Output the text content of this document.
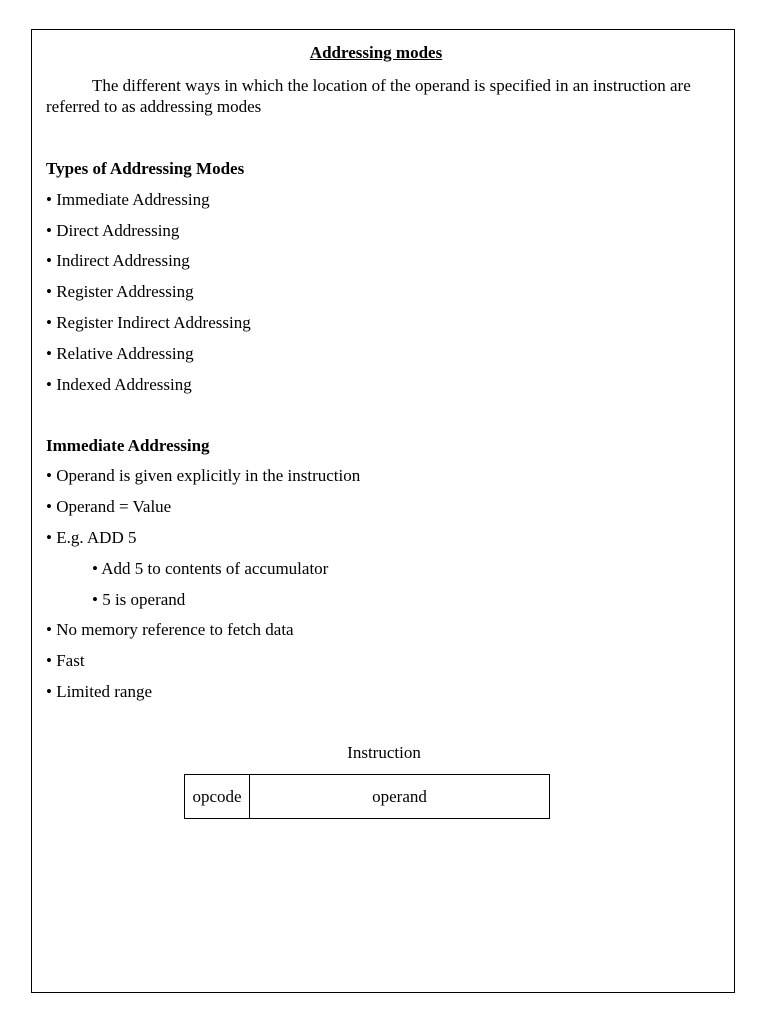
Addressing modes

The different ways in which the location of the operand is specified in an instruction are referred to as addressing modes

Types of Addressing Modes

• Immediate Addressing
• Direct Addressing
• Indirect Addressing
• Register Addressing
• Register Indirect Addressing
• Relative Addressing
• Indexed Addressing

Immediate Addressing

• Operand is given explicitly in the instruction
• Operand = Value
• E.g. ADD 5
• Add 5 to contents of accumulator
• 5 is operand
• No memory reference to fetch data
• Fast
• Limited range
Instruction
opcode	operand
